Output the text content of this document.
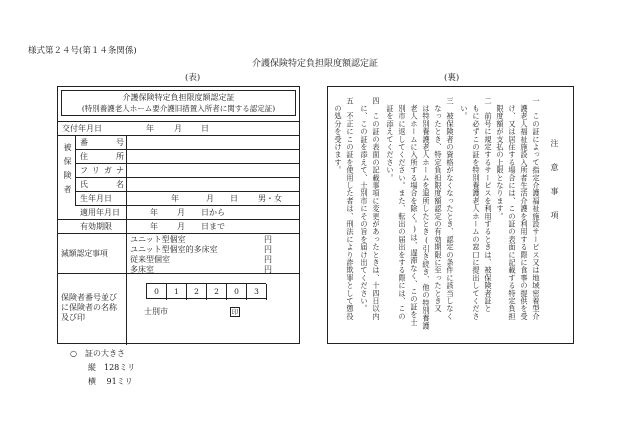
様式第２４号(第１４条関係)
介護保険特定負担限度額認定証
(表)	(裏)
介護保険特定負担限度額認定証
(特別養護老人ホーム要介護旧措置入所者に関する認定証)
交付年月日	年	月 日
被保険者
番号
住所
フリガナ
氏名
生年月日	年	月 日	男・女
適用年月日	年 月 日から
有効期限	年 月 日まで
減額認定事項
ユニット型個室	円
ユニット型個室的多床室	円
従来型個室	円
多床室	円
保険者番号並び
に保険者の名称
及び印
0	1	2	2	0	3
士別市	印
○　証の大きさ
縦　128ミリ
横　 91ミリ
注　意　事　項
一　この証によって指定介護福祉施設サービス又は地域密着型介
　護老人福祉施設入所者生活介護を利用する際に食事の提供を受
　け、又は居住する場合には、この証の表面に記載する特定負担
　限度額が支払の上限となります。
二　前号に規定するサービスを利用するときは、被保険者証と
　もに必ずこの証を特別養護老人ホームの窓口に提出してくださ
　い。
三　被保険者の資格がなくなったとき、認定の条件に該当しなく
　なったとき、特定負担限度額認定の有効期限に至ったとき又
　は特別養護老人ホームを退所したとき(引き続き、他の特別養護
　老人ホームに入所する場合を除く。)は、遅滞なく、この証を士
　別市に返してください。また、転出の届出をする際には、この
　証を添えてください。
四　この証の表面の記載事項に変更があったときは、十四日以内
　に、この証を添えて、士別市にその旨を届け出てください。
五　不正にこの証を使用した者は、刑法により詐欺罪として懲役
　の処分を受けます。
